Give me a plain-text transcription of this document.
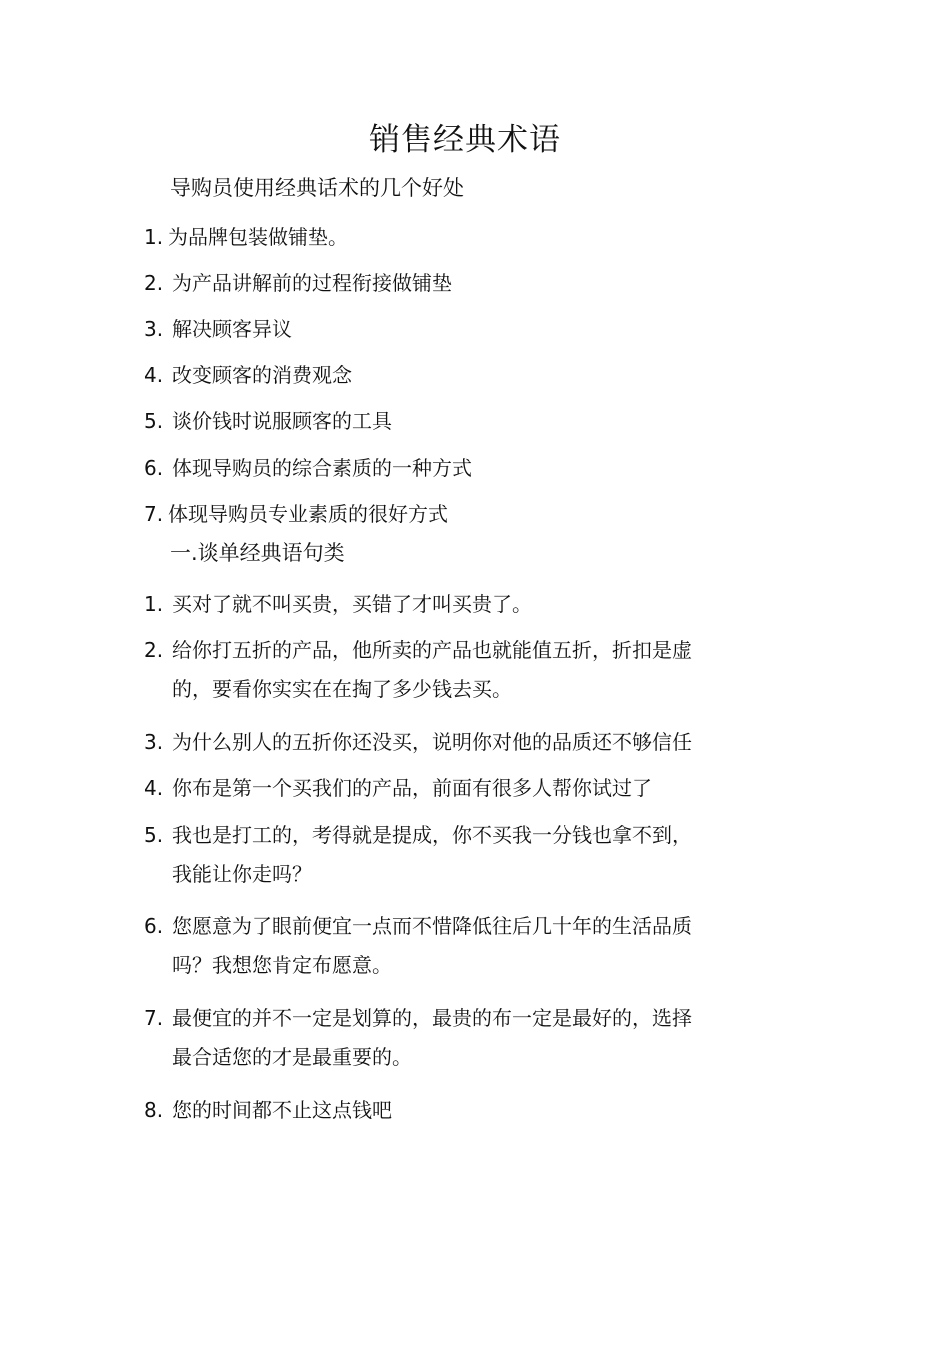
销售经典术语
导购员使用经典话术的几个好处
1. 为品牌包装做铺垫。
2. 为产品讲解前的过程衔接做铺垫
3. 解决顾客异议
4. 改变顾客的消费观念
5. 谈价钱时说服顾客的工具
6. 体现导购员的综合素质的一种方式
7. 体现导购员专业素质的很好方式
一.谈单经典语句类
1. 买对了就不叫买贵，买错了才叫买贵了。
2. 给你打五折的产品，他所卖的产品也就能值五折，折扣是虚
的，要看你实实在在掏了多少钱去买。
3. 为什么别人的五折你还没买，说明你对他的品质还不够信任
4. 你布是第一个买我们的产品，前面有很多人帮你试过了
5. 我也是打工的，考得就是提成，你不买我一分钱也拿不到，
我能让你走吗？
6. 您愿意为了眼前便宜一点而不惜降低往后几十年的生活品质
吗？我想您肯定布愿意。
7. 最便宜的并不一定是划算的，最贵的布一定是最好的，选择
最合适您的才是最重要的。
8. 您的时间都不止这点钱吧
